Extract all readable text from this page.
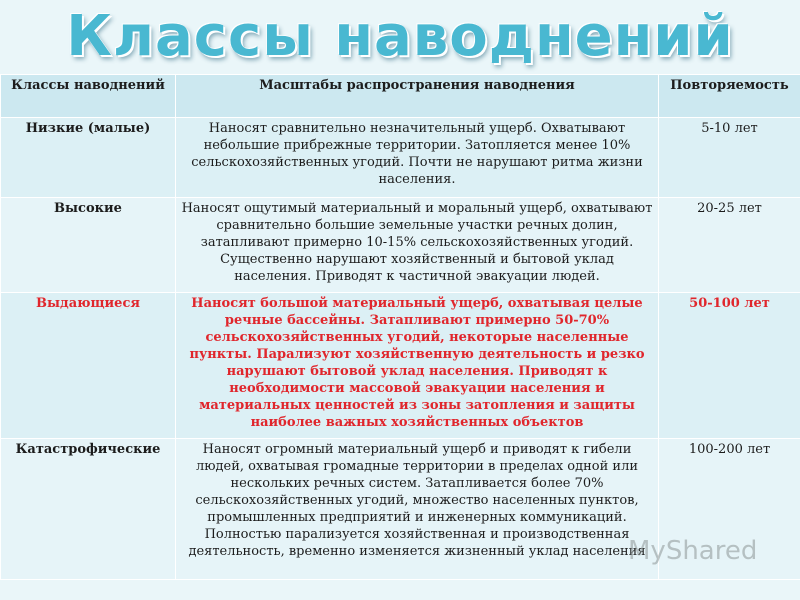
Классы наводнений
Классы наводнений	Масштабы распространения наводнения	Повторяемость
Низкие (малые)	Наносят сравнительно незначительный ущерб. Охватывают небольшие прибрежные территории. Затопляется менее 10% сельскохозяйственных угодий. Почти не нарушают ритма жизни населения.	5-10 лет
Высокие	Наносят ощутимый материальный и моральный ущерб, охватывают сравнительно большие земельные участки речных долин, затапливают примерно 10-15% сельскохозяйственных угодий. Существенно нарушают хозяйственный и бытовой уклад населения. Приводят к частичной эвакуации людей.	20-25 лет
Выдающиеся	Наносят большой материальный ущерб, охватывая целые речные бассейны. Затапливают примерно 50-70% сельскохозяйственных угодий, некоторые населенные пункты. Парализуют хозяйственную деятельность и резко нарушают бытовой уклад населения. Приводят к необходимости массовой эвакуации населения и материальных ценностей из зоны затопления и защиты наиболее важных хозяйственных объектов	50-100 лет
Катастрофические	Наносят огромный материальный ущерб и приводят к гибели людей, охватывая громадные территории в пределах одной или нескольких речных систем. Затапливается более 70% сельскохозяйственных угодий, множество населенных пунктов, промышленных предприятий и инженерных коммуникаций. Полностью парализуется хозяйственная и производственная деятельность, временно изменяется жизненный уклад населения	100-200 лет
MyShared
